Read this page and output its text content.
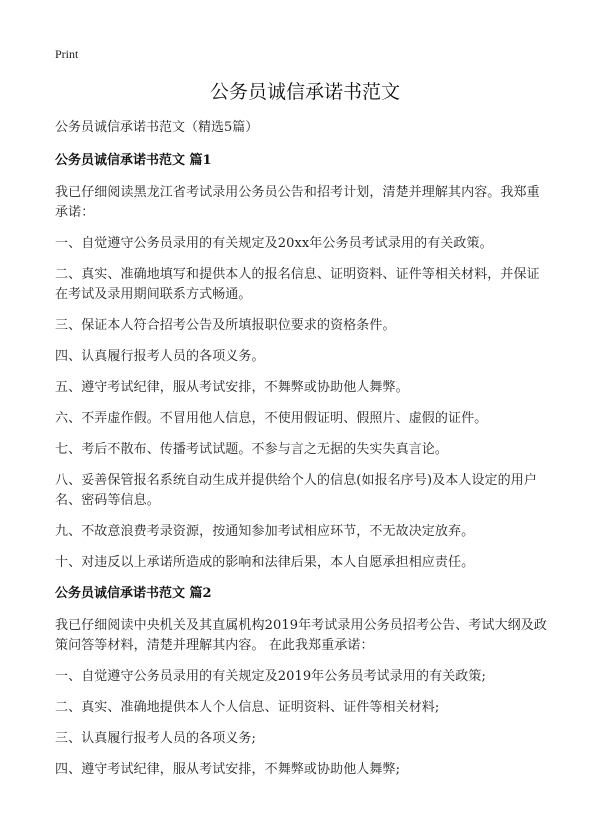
Print
公务员诚信承诺书范文

公务员诚信承诺书范文（精选5篇）

公务员诚信承诺书范文 篇1

我已仔细阅读黑龙江省考试录用公务员公告和招考计划，清楚并理解其内容。我郑重承诺：

一、自觉遵守公务员录用的有关规定及20xx年公务员考试录用的有关政策。

二、真实、准确地填写和提供本人的报名信息、证明资料、证件等相关材料，并保证在考试及录用期间联系方式畅通。

三、保证本人符合招考公告及所填报职位要求的资格条件。

四、认真履行报考人员的各项义务。

五、遵守考试纪律，服从考试安排，不舞弊或协助他人舞弊。

六、不弄虚作假。不冒用他人信息，不使用假证明、假照片、虚假的证件。

七、考后不散布、传播考试试题。不参与言之无据的失实失真言论。

八、妥善保管报名系统自动生成并提供给个人的信息(如报名序号)及本人设定的用户名、密码等信息。

九、不故意浪费考录资源，按通知参加考试相应环节，不无故决定放弃。

十、对违反以上承诺所造成的影响和法律后果，本人自愿承担相应责任。

公务员诚信承诺书范文 篇2

我已仔细阅读中央机关及其直属机构2019年考试录用公务员招考公告、考试大纲及政策问答等材料，清楚并理解其内容。 在此我郑重承诺：

一、自觉遵守公务员录用的有关规定及2019年公务员考试录用的有关政策;

二、真实、准确地提供本人个人信息、证明资料、证件等相关材料;

三、认真履行报考人员的各项义务;

四、遵守考试纪律，服从考试安排，不舞弊或协助他人舞弊;
